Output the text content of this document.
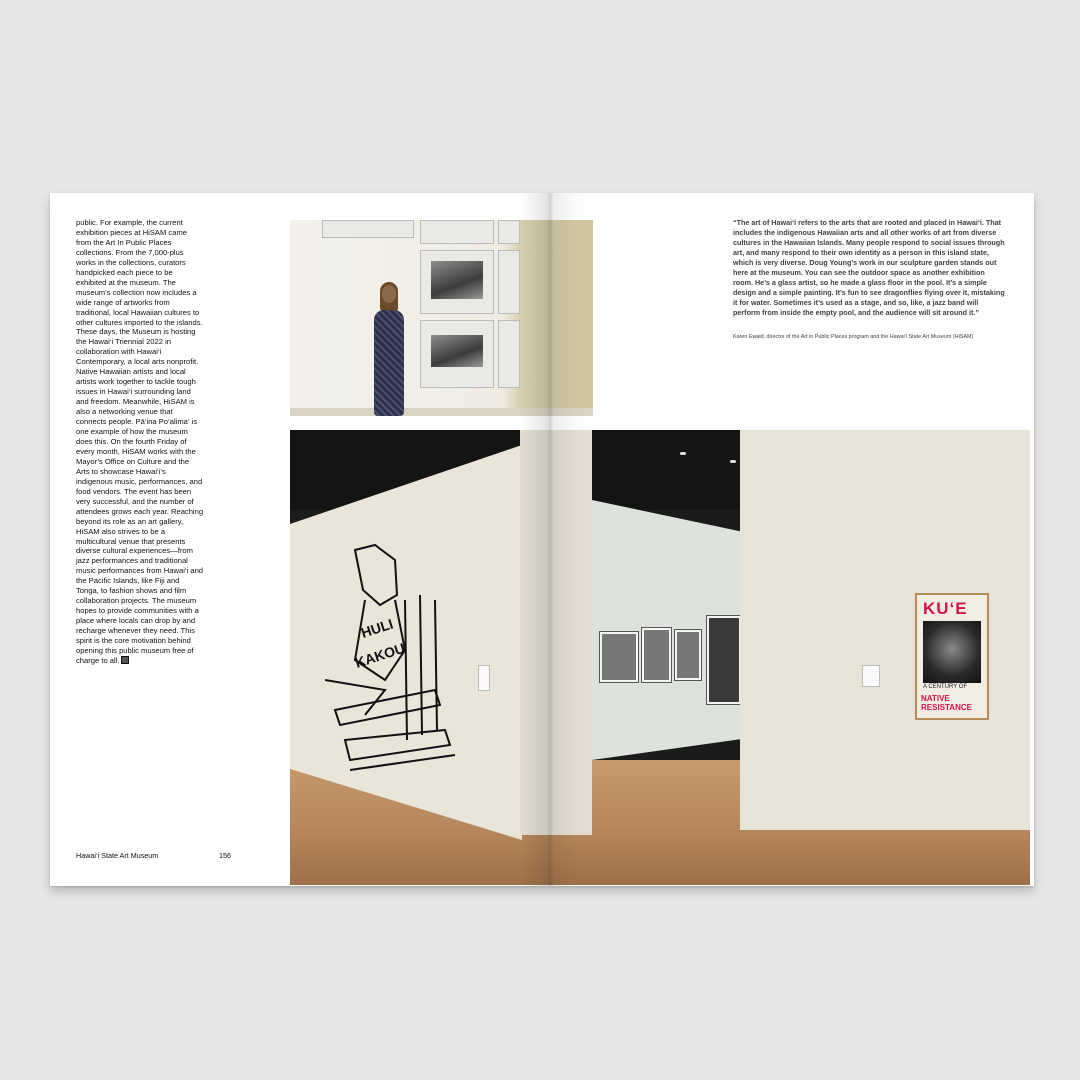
public. For example, the current exhibition pieces at HiSAM came from the Art In Public Places collections. From the 7,000-plus works in the collections, curators handpicked each piece to be exhibited at the museum. The museum’s collection now includes a wide range of artworks from traditional, local Hawaiian cultures to other cultures imported to the islands. These days, the Museum is hosting the Hawai‘i Triennial 2022 in collaboration with Hawai‘i Contemporary, a local arts nonprofit. Native Hawaiian artists and local artists work together to tackle tough issues in Hawai‘i surrounding land and freedom. Meanwhile, HiSAM is also a networking venue that connects people. Pā‘ina Po‘alima‘ is one example of how the museum does this. On the fourth Friday of every month, HiSAM works with the Mayor’s Office on Culture and the Arts to showcase Hawai‘i’s indigenous music, performances, and food vendors. The event has been very successful, and the number of attendees grows each year. Reaching beyond its role as an art gallery, HiSAM also strives to be a multicultural venue that presents diverse cultural experiences—from jazz performances and traditional music performances from Hawai‘i and the Pacific Islands, like Fiji and Tonga, to fashion shows and film collaboration projects. The museum hopes to provide communities with a place where locals can drop by and recharge whenever they need. This spirit is the core motivation behind opening this public museum free of charge to all.
Hawai‘i State Art Museum	156
“The art of Hawai‘i refers to the arts that are rooted and placed in Hawai‘i. That includes the indigenous Hawaiian arts and all other works of art from diverse cultures in the Hawaiian Islands. Many people respond to social issues through art, and many respond to their own identity as a person in this island state, which is very diverse. Doug Young’s work in our sculpture garden stands out here at the museum. You can see the outdoor space as another exhibition room. He’s a glass artist, so he made a glass floor in the pool. It’s a simple design and a simple painting. It’s fun to see dragonflies flying over it, mistaking it for water. Sometimes it’s used as a stage, and so, like, a jazz band will perform from inside the empty pool, and the audience will sit around it.”
Karen Ewald, director of the Art in Public Places program and the Hawai‘i State Art Museum (HiSAM)
HULI
KAKOU
KU‘E
A CENTURY OF
NATIVE RESISTANCE
